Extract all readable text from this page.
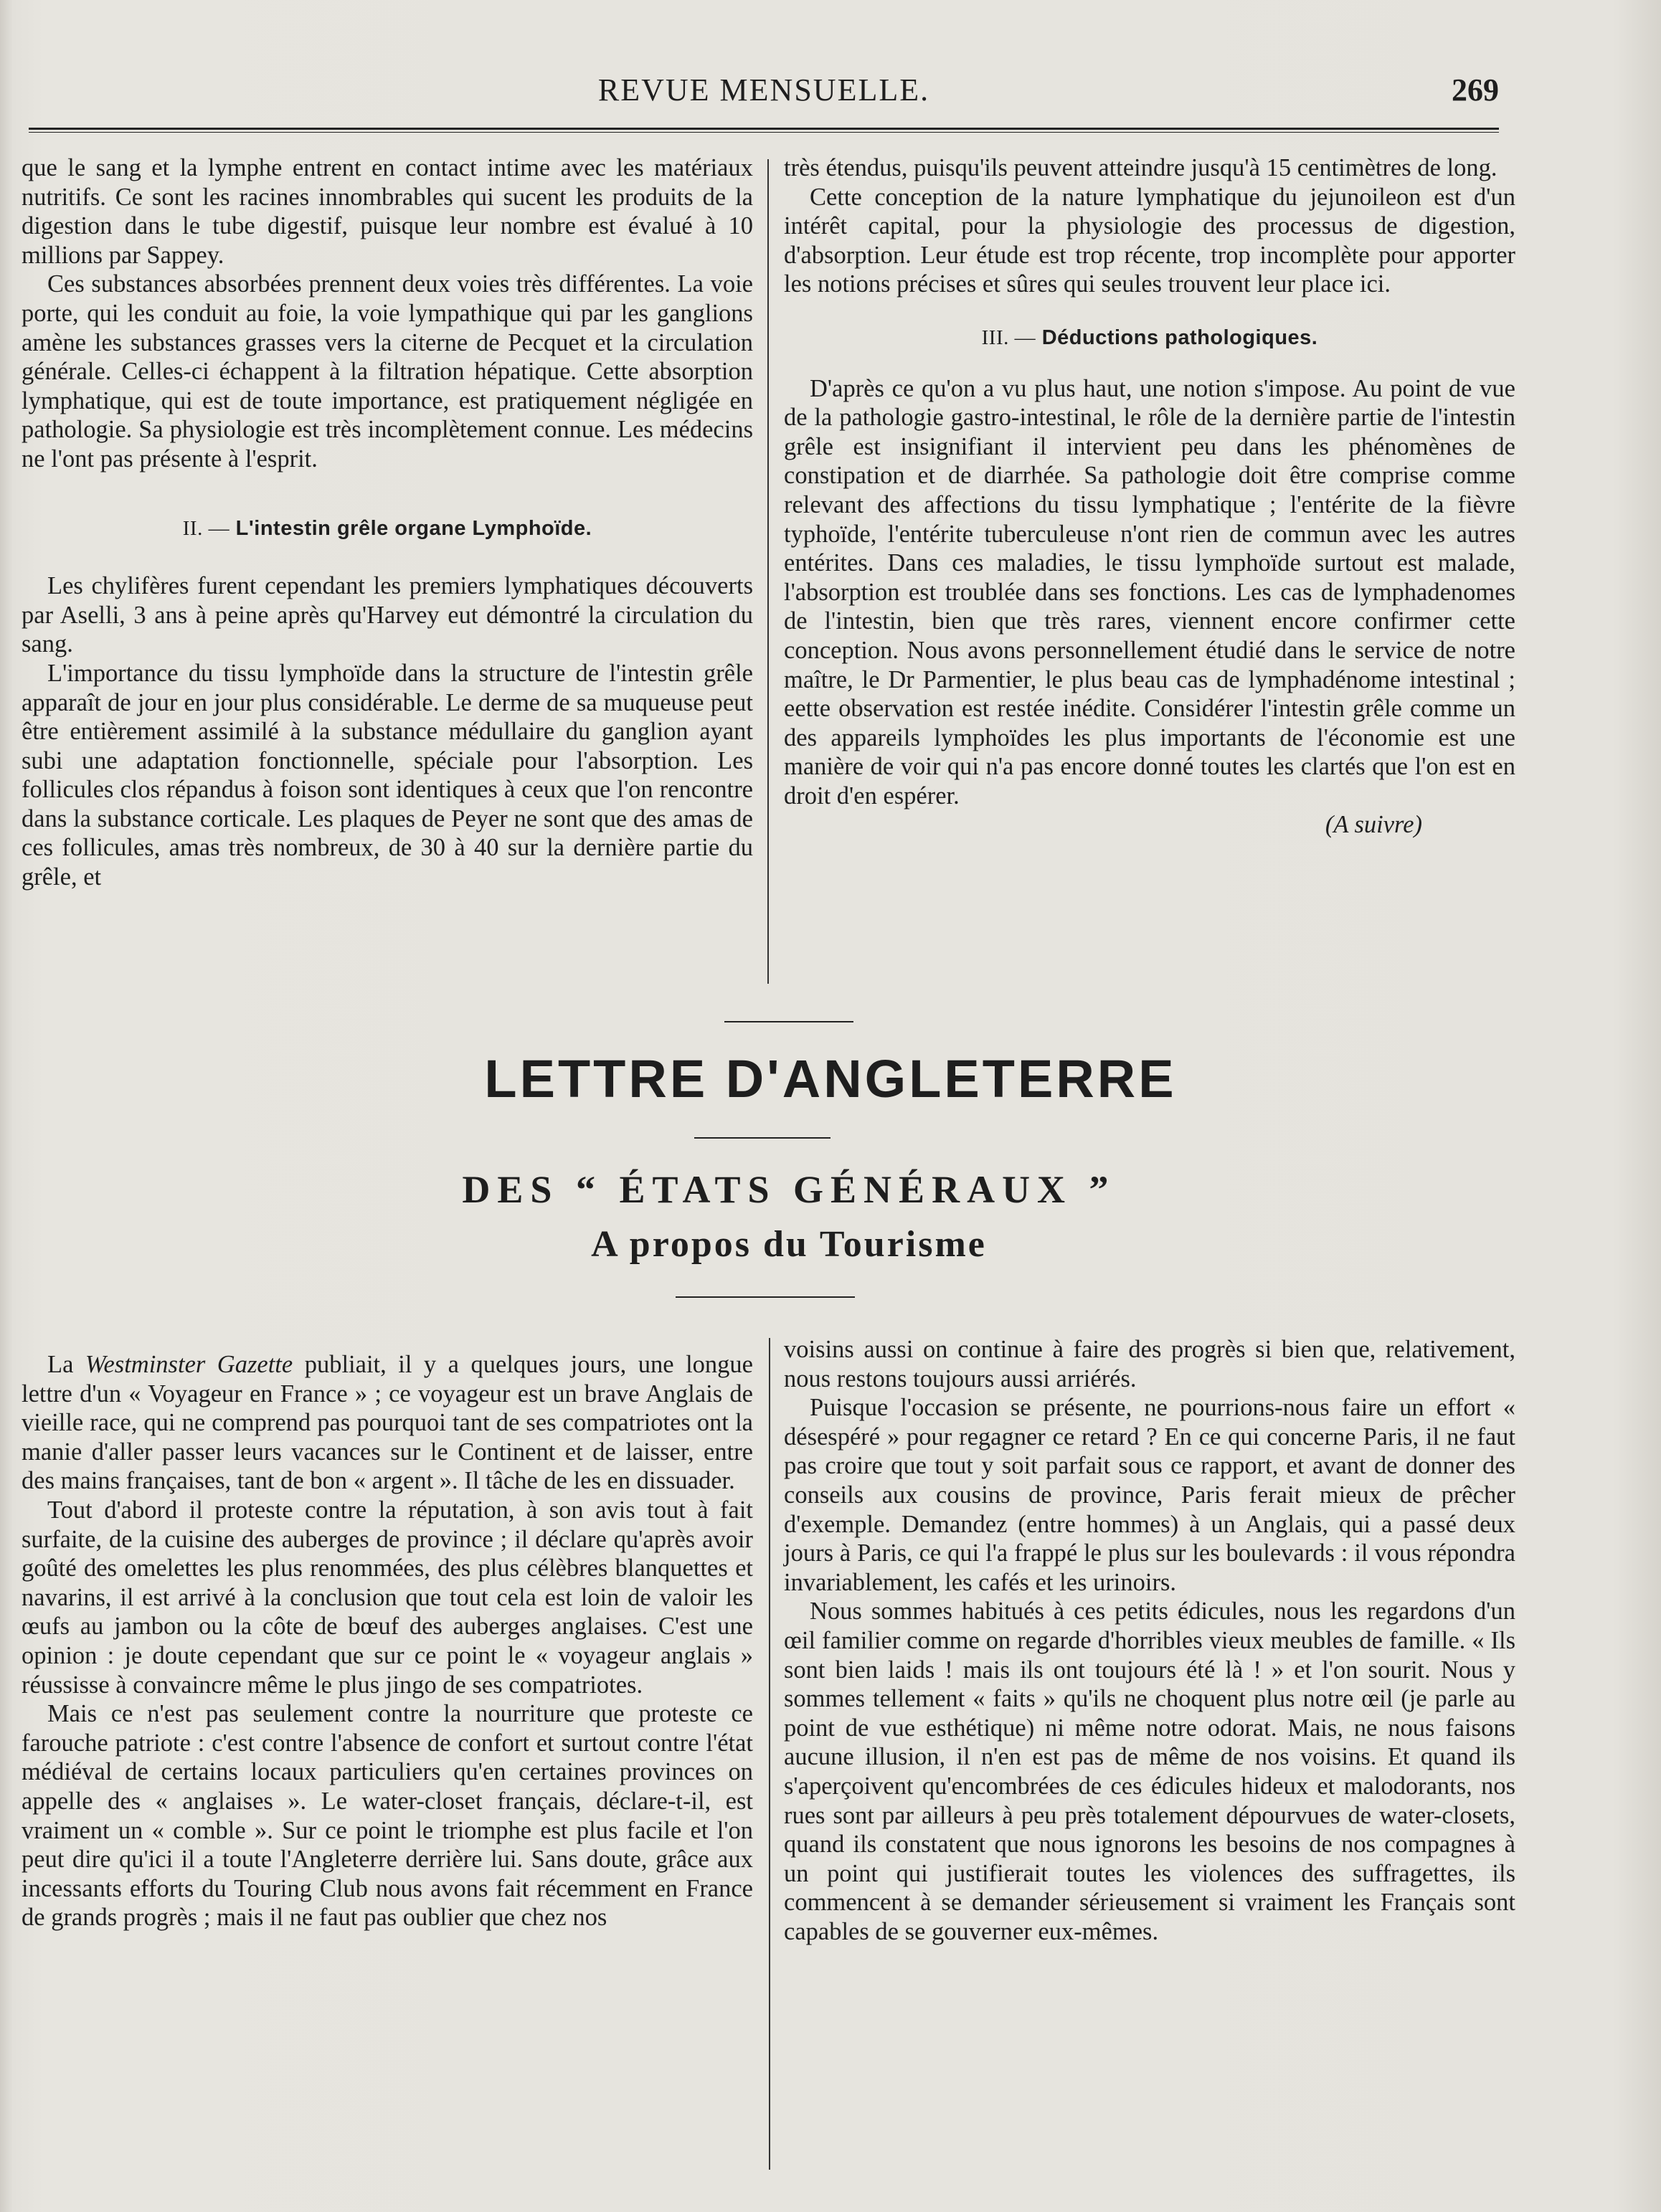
REVUE MENSUELLE.	269

que le sang et la lymphe entrent en contact intime avec les matériaux nutritifs. Ce sont les racines innombrables qui sucent les produits de la digestion dans le tube digestif, puisque leur nombre est évalué à 10 millions par Sappey.

Ces substances absorbées prennent deux voies très différentes. La voie porte, qui les conduit au foie, la voie lympathique qui par les ganglions amène les substances grasses vers la citerne de Pecquet et la circulation générale. Celles-ci échappent à la filtration hépatique. Cette absorption lymphatique, qui est de toute importance, est pratiquement négligée en pathologie. Sa physiologie est très incomplètement connue. Les médecins ne l'ont pas présente à l'esprit.

II. — L'intestin grêle organe Lymphoïde.

Les chylifères furent cependant les premiers lymphatiques découverts par Aselli, 3 ans à peine après qu'Harvey eut démontré la circulation du sang.

L'importance du tissu lymphoïde dans la structure de l'intestin grêle apparaît de jour en jour plus considérable. Le derme de sa muqueuse peut être entièrement assimilé à la substance médullaire du ganglion ayant subi une adaptation fonctionnelle, spéciale pour l'absorption. Les follicules clos répandus à foison sont identiques à ceux que l'on rencontre dans la substance corticale. Les plaques de Peyer ne sont que des amas de ces follicules, amas très nombreux, de 30 à 40 sur la dernière partie du grêle, et

très étendus, puisqu'ils peuvent atteindre jusqu'à 15 centimètres de long.

Cette conception de la nature lymphatique du jejunoileon est d'un intérêt capital, pour la physiologie des processus de digestion, d'absorption. Leur étude est trop récente, trop incomplète pour apporter les notions précises et sûres qui seules trouvent leur place ici.

III. — Déductions pathologiques.

D'après ce qu'on a vu plus haut, une notion s'impose. Au point de vue de la pathologie gastro-intestinal, le rôle de la dernière partie de l'intestin grêle est insignifiant il intervient peu dans les phénomènes de constipation et de diarrhée. Sa pathologie doit être comprise comme relevant des affections du tissu lymphatique ; l'entérite de la fièvre typhoïde, l'entérite tuberculeuse n'ont rien de commun avec les autres entérites. Dans ces maladies, le tissu lymphoïde surtout est malade, l'absorption est troublée dans ses fonctions. Les cas de lymphadenomes de l'intestin, bien que très rares, viennent encore confirmer cette conception. Nous avons personnellement étudié dans le service de notre maître, le Dr Parmentier, le plus beau cas de lymphadénome intestinal ; eette observation est restée inédite. Considérer l'intestin grêle comme un des appareils lymphoïdes les plus importants de l'économie est une manière de voir qui n'a pas encore donné toutes les clartés que l'on est en droit d'en espérer.

(A suivre)

LETTRE D'ANGLETERRE
DES “ ÉTATS GÉNÉRAUX ”
A propos du Tourisme

La Westminster Gazette publiait, il y a quelques jours, une longue lettre d'un « Voyageur en France » ; ce voyageur est un brave Anglais de vieille race, qui ne comprend pas pourquoi tant de ses compatriotes ont la manie d'aller passer leurs vacances sur le Continent et de laisser, entre des mains françaises, tant de bon « argent ». Il tâche de les en dissuader.

Tout d'abord il proteste contre la réputation, à son avis tout à fait surfaite, de la cuisine des auberges de province ; il déclare qu'après avoir goûté des omelettes les plus renommées, des plus célèbres blanquettes et navarins, il est arrivé à la conclusion que tout cela est loin de valoir les œufs au jambon ou la côte de bœuf des auberges anglaises. C'est une opinion : je doute cependant que sur ce point le « voyageur anglais » réussisse à convaincre même le plus jingo de ses compatriotes.

Mais ce n'est pas seulement contre la nourriture que proteste ce farouche patriote : c'est contre l'absence de confort et surtout contre l'état médiéval de certains locaux particuliers qu'en certaines provinces on appelle des « anglaises ». Le water-closet français, déclare-t-il, est vraiment un « comble ». Sur ce point le triomphe est plus facile et l'on peut dire qu'ici il a toute l'Angleterre derrière lui. Sans doute, grâce aux incessants efforts du Touring Club nous avons fait récemment en France de grands progrès ; mais il ne faut pas oublier que chez nos

voisins aussi on continue à faire des progrès si bien que, relativement, nous restons toujours aussi arriérés.

Puisque l'occasion se présente, ne pourrions-nous faire un effort « désespéré » pour regagner ce retard ? En ce qui concerne Paris, il ne faut pas croire que tout y soit parfait sous ce rapport, et avant de donner des conseils aux cousins de province, Paris ferait mieux de prêcher d'exemple. Demandez (entre hommes) à un Anglais, qui a passé deux jours à Paris, ce qui l'a frappé le plus sur les boulevards : il vous répondra invariablement, les cafés et les urinoirs.

Nous sommes habitués à ces petits édicules, nous les regardons d'un œil familier comme on regarde d'horribles vieux meubles de famille. « Ils sont bien laids ! mais ils ont toujours été là ! » et l'on sourit. Nous y sommes tellement « faits » qu'ils ne choquent plus notre œil (je parle au point de vue esthétique) ni même notre odorat. Mais, ne nous faisons aucune illusion, il n'en est pas de même de nos voisins. Et quand ils s'aperçoivent qu'encombrées de ces édicules hideux et malodorants, nos rues sont par ailleurs à peu près totalement dépourvues de water-closets, quand ils constatent que nous ignorons les besoins de nos compagnes à un point qui justifierait toutes les violences des suffragettes, ils commencent à se demander sérieusement si vraiment les Français sont capables de se gouverner eux-mêmes.
